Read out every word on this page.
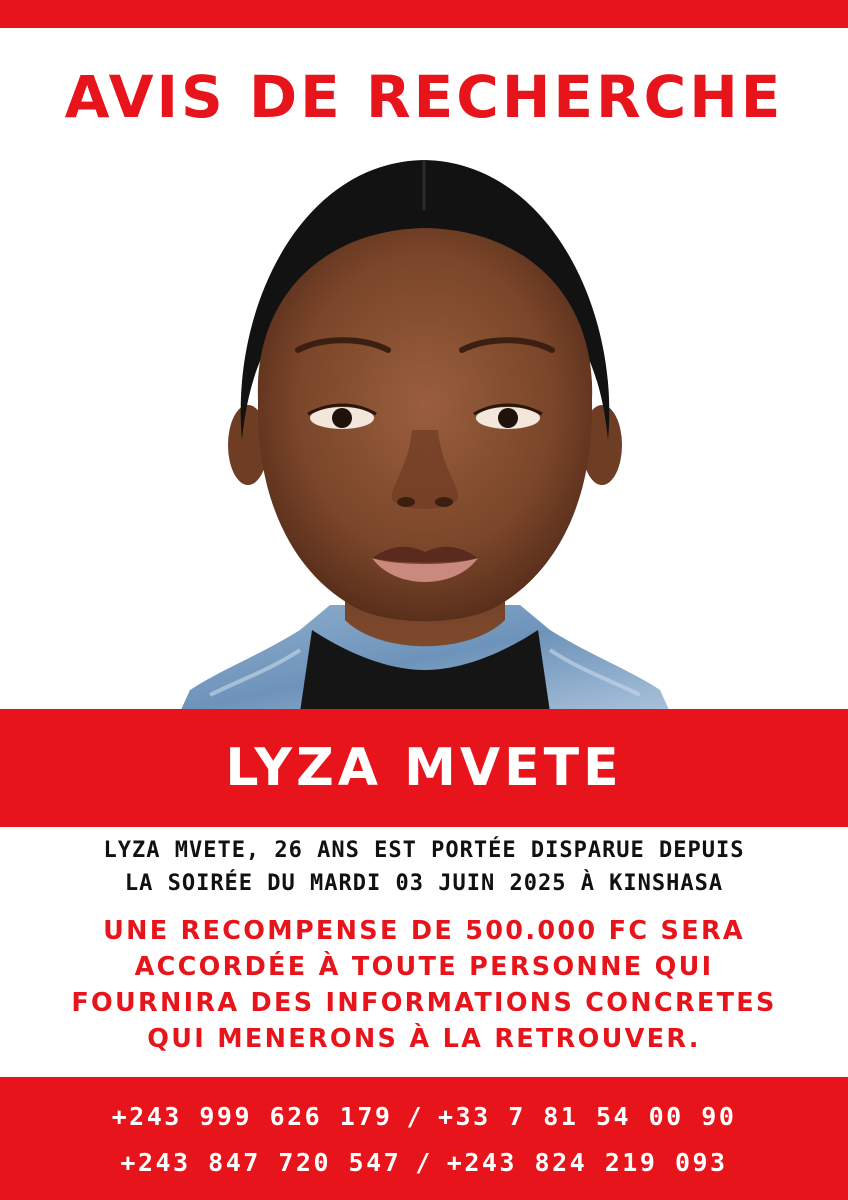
AVIS DE RECHERCHE
LYZA MVETE
LYZA MVETE, 26 ANS EST PORTÉE DISPARUE DEPUIS
LA SOIRÉE DU MARDI 03 JUIN 2025 À KINSHASA
UNE RECOMPENSE DE 500.000 FC SERA
ACCORDÉE À TOUTE PERSONNE QUI
FOURNIRA DES INFORMATIONS CONCRETES
QUI MENERONS À LA RETROUVER.
+243 999 626 179 / +33 7 81 54 00 90
+243 847 720 547 / +243 824 219 093
